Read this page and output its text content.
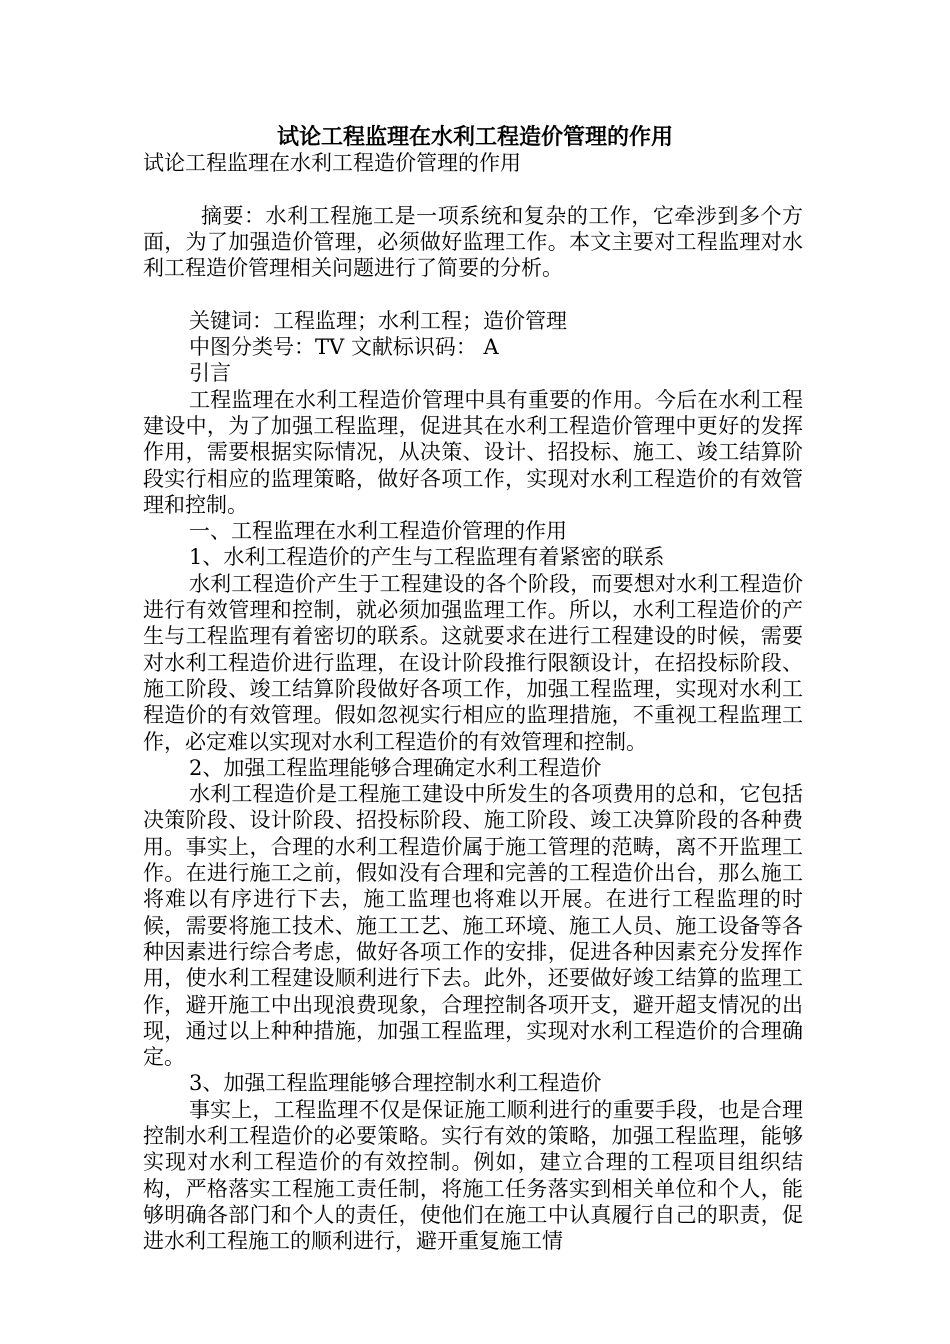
试论工程监理在水利工程造价管理的作用

试论工程监理在水利工程造价管理的作用

摘要：水利工程施工是一项系统和复杂的工作，它牵涉到多个方面，为了加强造价管理，必须做好监理工作。本文主要对工程监理对水利工程造价管理相关问题进行了简要的分析。

关键词：工程监理；水利工程；造价管理

中图分类号：TV 文献标识码： A

引言

工程监理在水利工程造价管理中具有重要的作用。今后在水利工程建设中，为了加强工程监理，促进其在水利工程造价管理中更好的发挥作用，需要根据实际情况，从决策、设计、招投标、施工、竣工结算阶段实行相应的监理策略，做好各项工作，实现对水利工程造价的有效管理和控制。

一、工程监理在水利工程造价管理的作用

1、水利工程造价的产生与工程监理有着紧密的联系

水利工程造价产生于工程建设的各个阶段，而要想对水利工程造价进行有效管理和控制，就必须加强监理工作。所以，水利工程造价的产生与工程监理有着密切的联系。这就要求在进行工程建设的时候，需要对水利工程造价进行监理，在设计阶段推行限额设计，在招投标阶段、施工阶段、竣工结算阶段做好各项工作，加强工程监理，实现对水利工程造价的有效管理。假如忽视实行相应的监理措施，不重视工程监理工作，必定难以实现对水利工程造价的有效管理和控制。

2、加强工程监理能够合理确定水利工程造价

水利工程造价是工程施工建设中所发生的各项费用的总和，它包括决策阶段、设计阶段、招投标阶段、施工阶段、竣工决算阶段的各种费用。事实上，合理的水利工程造价属于施工管理的范畴，离不开监理工作。在进行施工之前，假如没有合理和完善的工程造价出台，那么施工将难以有序进行下去，施工监理也将难以开展。在进行工程监理的时候，需要将施工技术、施工工艺、施工环境、施工人员、施工设备等各种因素进行综合考虑，做好各项工作的安排，促进各种因素充分发挥作用，使水利工程建设顺利进行下去。此外，还要做好竣工结算的监理工作，避开施工中出现浪费现象，合理控制各项开支，避开超支情况的出现，通过以上种种措施，加强工程监理，实现对水利工程造价的合理确定。

3、加强工程监理能够合理控制水利工程造价

事实上，工程监理不仅是保证施工顺利进行的重要手段，也是合理控制水利工程造价的必要策略。实行有效的策略，加强工程监理，能够实现对水利工程造价的有效控制。例如，建立合理的工程项目组织结构，严格落实工程施工责任制，将施工任务落实到相关单位和个人，能够明确各部门和个人的责任，使他们在施工中认真履行自己的职责，促进水利工程施工的顺利进行，避开重复施工情
